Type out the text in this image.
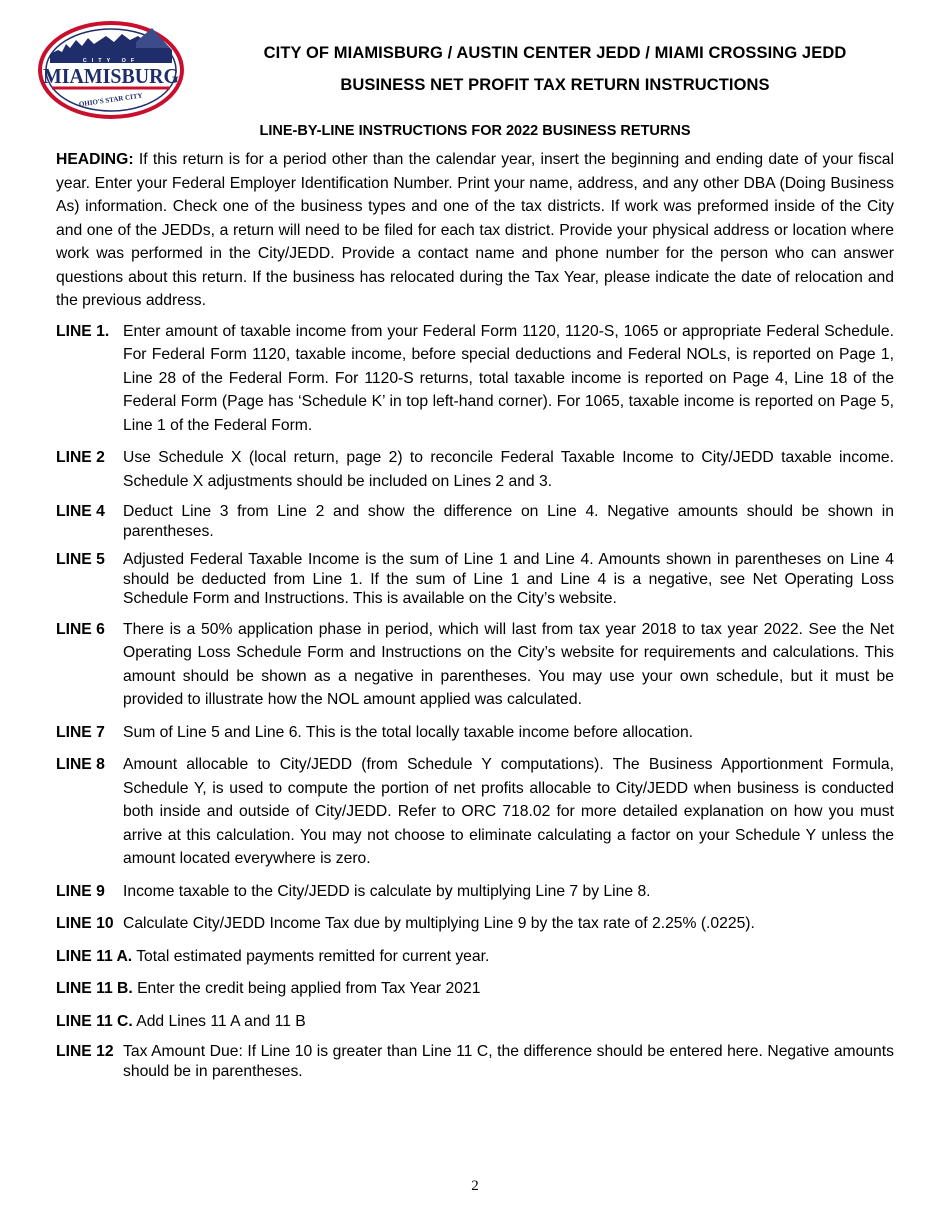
CITY OF
MIAMISBURG
OHIO'S STAR CITY
CITY OF MIAMISBURG / AUSTIN CENTER JEDD / MIAMI CROSSING JEDD
BUSINESS NET PROFIT TAX RETURN INSTRUCTIONS
LINE-BY-LINE INSTRUCTIONS FOR 2022 BUSINESS RETURNS

HEADING: If this return is for a period other than the calendar year, insert the beginning and ending date of your fiscal year. Enter your Federal Employer Identification Number. Print your name, address, and any other DBA (Doing Business As) information. Check one of the business types and one of the tax districts. If work was preformed inside of the City and one of the JEDDs, a return will need to be filed for each tax district. Provide your physical address or location where work was performed in the City/JEDD. Provide a contact name and phone number for the person who can answer questions about this return. If the business has relocated during the Tax Year, please indicate the date of relocation and the previous address.

LINE 1. Enter amount of taxable income from your Federal Form 1120, 1120-S, 1065 or appropriate Federal Schedule. For Federal Form 1120, taxable income, before special deductions and Federal NOLs, is reported on Page 1, Line 28 of the Federal Form. For 1120-S returns, total taxable income is reported on Page 4, Line 18 of the Federal Form (Page has ‘Schedule K’ in top left-hand corner). For 1065, taxable income is reported on Page 5, Line 1 of the Federal Form.
LINE 2 Use Schedule X (local return, page 2) to reconcile Federal Taxable Income to City/JEDD taxable income. Schedule X adjustments should be included on Lines 2 and 3.
LINE 4 Deduct Line 3 from Line 2 and show the difference on Line 4. Negative amounts should be shown in parentheses.
LINE 5 Adjusted Federal Taxable Income is the sum of Line 1 and Line 4. Amounts shown in parentheses on Line 4 should be deducted from Line 1. If the sum of Line 1 and Line 4 is a negative, see Net Operating Loss Schedule Form and Instructions. This is available on the City’s website.
LINE 6 There is a 50% application phase in period, which will last from tax year 2018 to tax year 2022. See the Net Operating Loss Schedule Form and Instructions on the City’s website for requirements and calculations. This amount should be shown as a negative in parentheses. You may use your own schedule, but it must be provided to illustrate how the NOL amount applied was calculated.
LINE 7 Sum of Line 5 and Line 6. This is the total locally taxable income before allocation.
LINE 8 Amount allocable to City/JEDD (from Schedule Y computations). The Business Apportionment Formula, Schedule Y, is used to compute the portion of net profits allocable to City/JEDD when business is conducted both inside and outside of City/JEDD. Refer to ORC 718.02 for more detailed explanation on how you must arrive at this calculation. You may not choose to eliminate calculating a factor on your Schedule Y unless the amount located everywhere is zero.
LINE 9 Income taxable to the City/JEDD is calculate by multiplying Line 7 by Line 8.
LINE 10 Calculate City/JEDD Income Tax due by multiplying Line 9 by the tax rate of 2.25% (.0225).
LINE 11 A. Total estimated payments remitted for current year.
LINE 11 B. Enter the credit being applied from Tax Year 2021
LINE 11 C. Add Lines 11 A and 11 B
LINE 12 Tax Amount Due: If Line 10 is greater than Line 11 C, the difference should be entered here. Negative amounts should be in parentheses.
2
